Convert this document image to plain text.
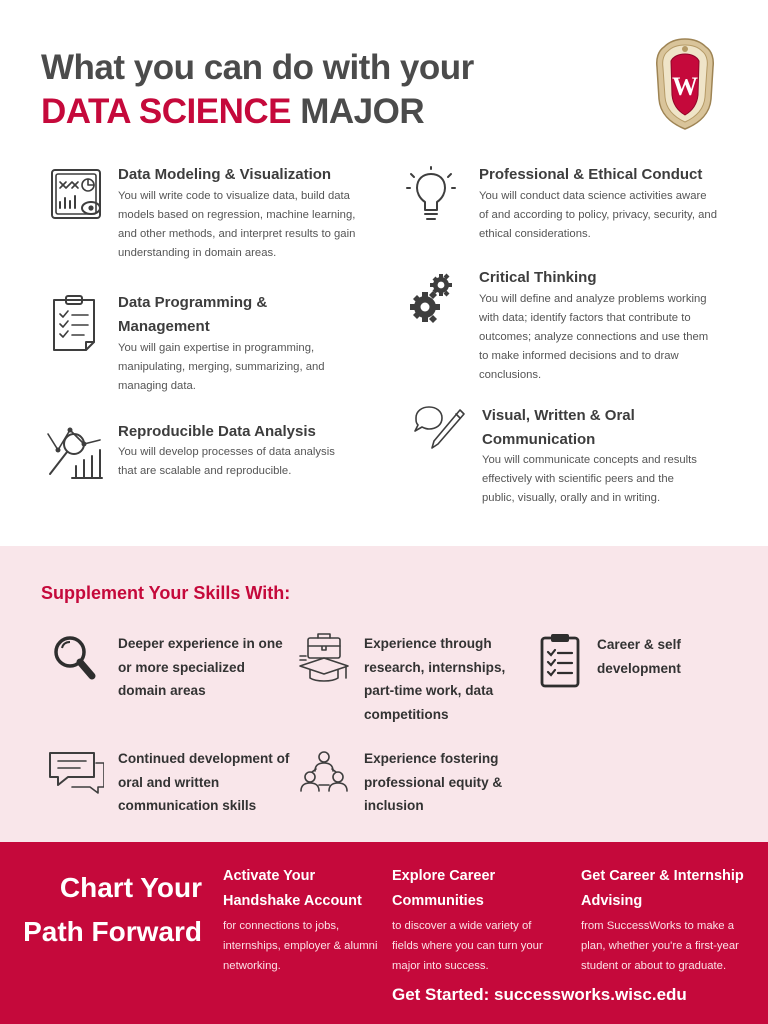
What you can do with your
DATA SCIENCE MAJOR
W
Data Modeling & Visualization
You will write code to visualize data, build data models based on regression, machine learning, and other methods, and interpret results to gain understanding in domain areas.
Data Programming & Management
You will gain expertise in programming, manipulating, merging, summarizing, and managing data.
Reproducible Data Analysis
You will develop processes of data analysis that are scalable and reproducible.
Professional & Ethical Conduct
You will conduct data science activities aware of and according to policy, privacy, security, and ethical considerations.
Critical Thinking
You will define and analyze problems working with data; identify factors that contribute to outcomes; analyze connections and use them to make informed decisions and to draw conclusions.
Visual, Written & Oral Communication
You will communicate concepts and results effectively with scientific peers and the public, visually, orally and in writing.
Supplement Your Skills With:
Deeper experience in one or more specialized domain areas
Experience through research, internships, part-time work, data competitions
Career & self development
Continued development of oral and written communication skills
Experience fostering professional equity & inclusion
Chart Your Path Forward
Activate Your Handshake Account
for connections to jobs, internships, employer & alumni networking.
Explore Career Communities
to discover a wide variety of fields where you can turn your major into success.
Get Career & Internship Advising
from SuccessWorks to make a plan, whether you're a first-year student or about to graduate.
Get Started: successworks.wisc.edu
